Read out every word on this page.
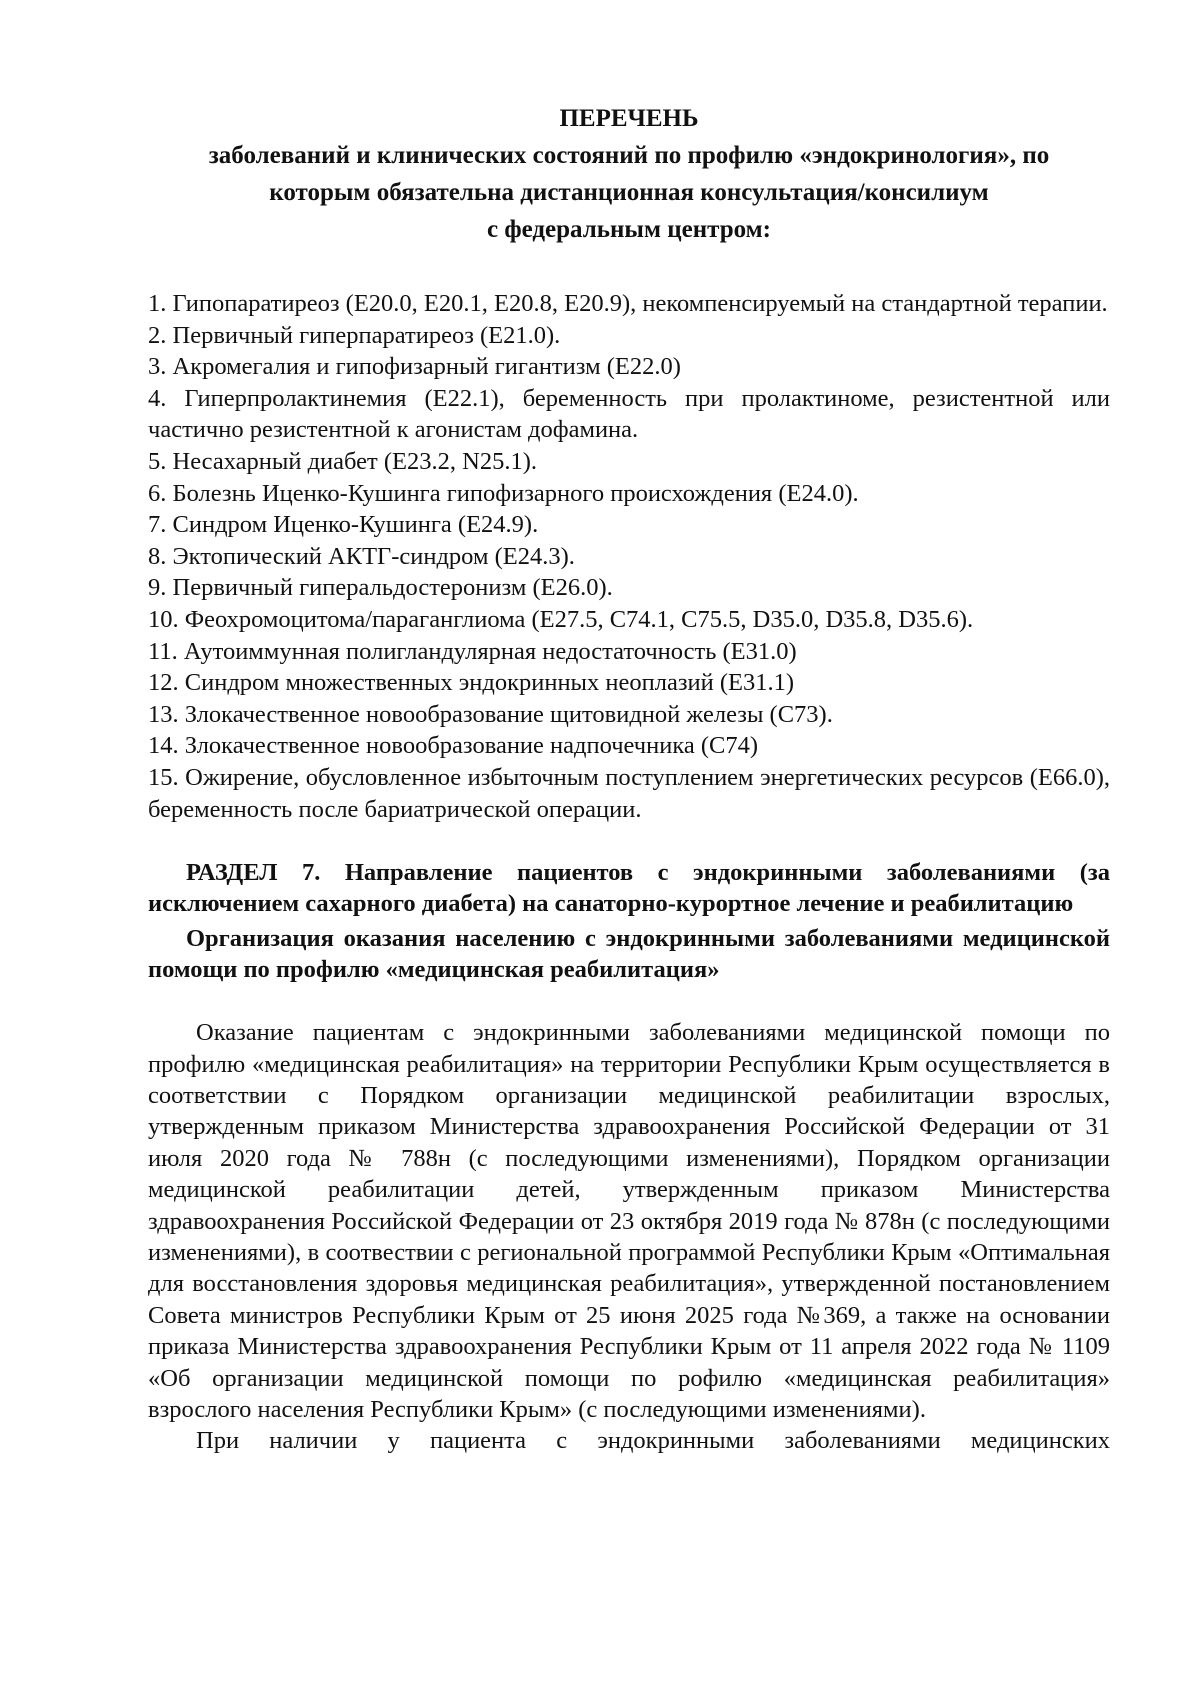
ПЕРЕЧЕНЬ
заболеваний и клинических состояний по профилю «эндокринология», по
которым обязательна дистанционная консультация/консилиум
с федеральным центром:
1. Гипопаратиреоз (E20.0, E20.1, E20.8, E20.9), некомпенсируемый на стандартной терапии.
2. Первичный гиперпаратиреоз (E21.0).
3. Акромегалия и гипофизарный гигантизм (E22.0)
4. Гиперпролактинемия (E22.1), беременность при пролактиноме, резистентной или частично резистентной к агонистам дофамина.
5. Несахарный диабет (E23.2, N25.1).
6. Болезнь Иценко-Кушинга гипофизарного происхождения (E24.0).
7. Синдром Иценко-Кушинга (E24.9).
8. Эктопический АКТГ-синдром (E24.3).
9. Первичный гиперальдостеронизм (E26.0).
10. Феохромоцитома/параганглиома (E27.5, C74.1, C75.5, D35.0, D35.8, D35.6).
11. Аутоиммунная полигландулярная недостаточность (E31.0)
12. Синдром множественных эндокринных неоплазий (E31.1)
13. Злокачественное новообразование щитовидной железы (C73).
14. Злокачественное новообразование надпочечника (C74)
15. Ожирение, обусловленное избыточным поступлением энергетических ресурсов (E66.0), беременность после бариатрической операции.
РАЗДЕЛ 7. Направление пациентов с эндокринными заболеваниями (за исключением сахарного диабета) на санаторно-курортное лечение и реабилитацию
Организация оказания населению с эндокринными заболеваниями медицинской помощи по профилю «медицинская реабилитация»
Оказание пациентам с эндокринными заболеваниями медицинской помощи по профилю «медицинская реабилитация» на территории Республики Крым осуществляется в соответствии с Порядком организации медицинской реабилитации взрослых, утвержденным приказом Министерства здравоохранения Российской Федерации от 31 июля 2020 года № 788н (с последующими изменениями), Порядком организации медицинской реабилитации детей, утвержденным приказом Министерства здравоохранения Российской Федерации от 23 октября 2019 года № 878н (с последующими изменениями), в соотвествии с региональной программой Республики Крым «Оптимальная для восстановления здоровья медицинская реабилитация», утвержденной постановлением Совета министров Республики Крым от 25 июня 2025 года №369, а также на основании приказа Министерства здравоохранения Республики Крым от 11 апреля 2022 года № 1109 «Об организации медицинской помощи по рофилю «медицинская реабилитация» взрослого населения Республики Крым» (с последующими изменениями).
При наличии у пациента с эндокринными заболеваниями медицинских
